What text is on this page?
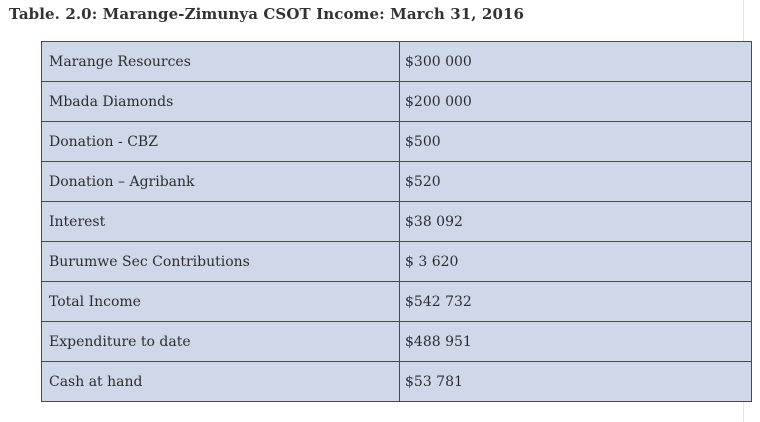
Table. 2.0: Marange-Zimunya CSOT Income: March 31, 2016
Marange Resources	$300 000
Mbada Diamonds	$200 000
Donation - CBZ	$500
Donation – Agribank	$520
Interest	$38 092
Burumwe Sec Contributions	$ 3 620
Total Income	$542 732
Expenditure to date	$488 951
Cash at hand	$53 781
